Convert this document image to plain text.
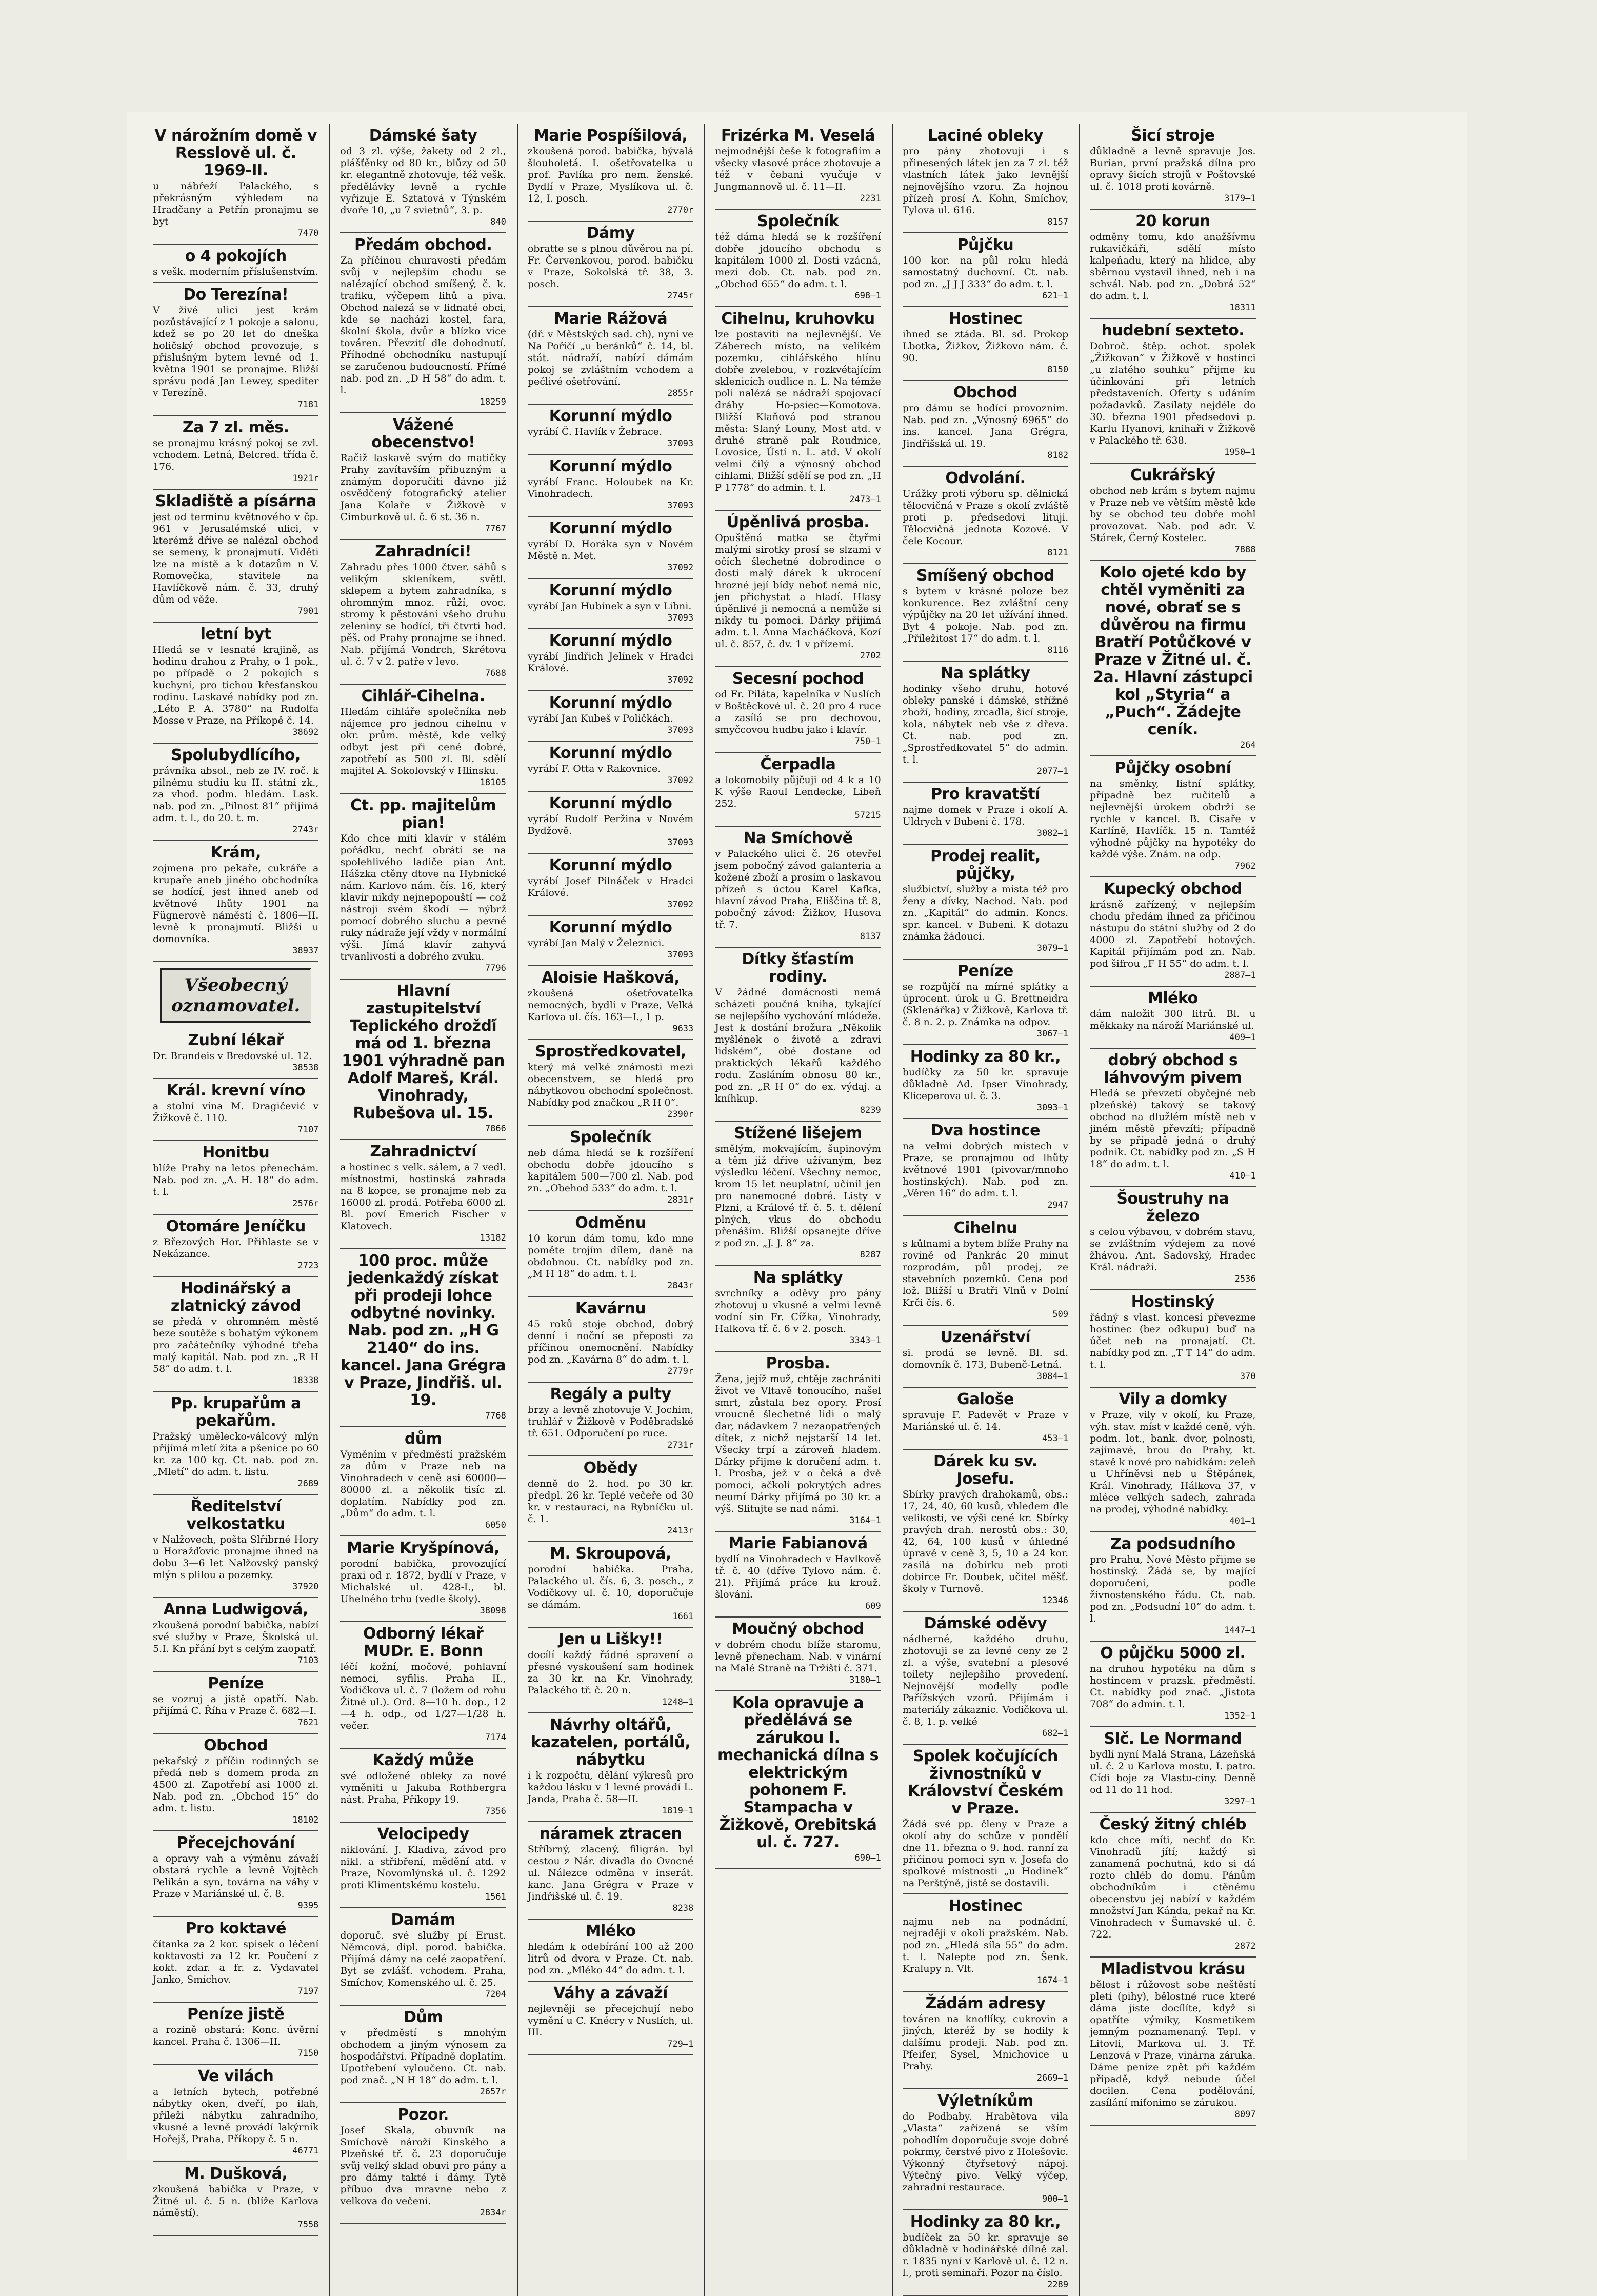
V nárožním domě v Resslově ul. č. 1969-II.

u nábřeží Palackého, s překrásným výhledem na Hradčany a Petřín pronajmu se byt

7470

o 4 pokojích

s vešk. moderním příslušenstvím.

Do Terezína!

V živé ulici jest krám pozůstávající z 1 pokoje a salonu, kdež se po 20 let do dneška holičský obchod provozuje, s příslušným bytem levně od 1. května 1901 se pronajme. Bližší správu podá Jan Lewey, spediter v Terezíně.

7181

Za 7 zl. měs.

se pronajmu krásný pokoj se zvl. vchodem. Letná, Belcred. třída č. 176.

1921r

Skladiště a písárna

jest od terminu květnového v čp. 961 v Jerusalémské ulici, v kterémž dříve se nalézal obchod se semeny, k pronajmutí. Viděti lze na místě a k dotazům n V. Romovečka, stavitele na Havlíčkově nám. č. 33, druhý dům od věže.

7901

letní byt

Hledá se v lesnaté krajině, as hodinu drahou z Prahy, o 1 pok., po případě o 2 pokojích s kuchyní, pro tichou křesťanskou rodinu. Laskavé nabídky pod zn. „Léto P. A. 3780“ na Rudolfa Mosse v Praze, na Příkopě č. 14.

38692

Spolubydlícího,

právníka absol., neb ze IV. roč. k pilnému studiu ku II. státní zk., za vhod. podm. hledám. Lask. nab. pod zn. „Pilnost 81“ přijímá adm. t. l., do 20. t. m.

2743r

Krám,

zojmena pro pekaře, cukráře a krupaře aneb jiného obchodníka se hodící, jest ihned aneb od květnové lhůty 1901 na Fügnerově náměstí č. 1806—II. levně k pronajmutí. Bližší u domovníka.

38937

Všeobecný oznamovatel.
Zubní lékař

Dr. Brandeis v Bredovské ul. 12.

38538

Král. krevní víno

a stolní vína M. Dragičević v Žižkově č. 110.

7107

Honitbu

blíže Prahy na letos přenechám. Nab. pod zn. „A. H. 18“ do adm. t. l.

2576r

Otomáre Jeníčku

z Březových Hor. Přihlaste se v Nekázance.

2723

Hodinářský a zlatnický závod

se předá v ohromném městě beze soutěže s bohatým výkonem pro začátečníky výhodné třeba malý kapitál. Nab. pod zn. „R H 58“ do adm. t. l.

18338

Pp. krupařům a pekařům.

Pražský umělecko-válcový mlýn přijímá mletí žita a pšenice po 60 kr. za 100 kg. Ct. nab. pod zn. „Mletí“ do adm. t. listu.

2689

Ředitelství velkostatku

v Nalžovech, pošta Slřibrné Hory u Horažďovic pronajme ihned na dobu 3—6 let Nalžovský panský mlýn s plilou a pozemky.

37920

Anna Ludwigová,

zkoušená porodní babička, nabízí své služby v Praze, Školská ul. 5.I. Kn přání byt s celým zaopatř.

7103

Peníze

se vozruj a jistě opatří. Nab. přijímá C. Říha v Praze č. 682—I.

7621

Obchod

pekařský z příčin rodinných se předá neb s domem proda zn 4500 zl. Zapotřebí asi 1000 zl. Nab. pod zn. „Obchod 15“ do adm. t. listu.

18102

Přecejchování

a opravy vah a výměnu závaží obstará rychle a levně Vojtěch Pelikán a syn, továrna na váhy v Praze v Mariánské ul. č. 8.

9395

Pro koktavé

čítanka za 2 kor. spisek o léčení koktavosti za 12 kr. Poučení z kokt. zdar. a fr. z. Vydavatel Janko, Smíchov.

7197

Peníze jistě

a rozině obstará: Konc. úvěrní kancel. Praha č. 1306—II.

7150

Ve vilách

a letních bytech, potřebné nábytky oken, dveří, po ilah, příleži nábytku zahradního, vkusné a levně provádí lakýrník Hořejš, Praha, Příkopy č. 5 n.

46771

M. Dušková,

zkoušená babička v Praze, v Žitné ul. č. 5 n. (blíže Karlova náměstí).

7558

Dámské šaty

od 3 zl. výše, žakety od 2 zl., plášťěnky od 80 kr., blůzy od 50 kr. elegantně zhotovuje, též vešk. předělávky levně a rychle vyřizuje E. Sztatová v Týnském dvoře 10, „u 7 svietnů“, 3. p.

840

Předám obchod.

Za příčinou churavosti předám svůj v nejlepším chodu se nalézající obchod smíšený, č. k. trafiku, výčepem lihů a piva. Obchod nalezá se v lidnaté obci, kde se nachází kostel, fara, školní škola, dvůr a blízko více továren. Převzití dle dohodnutí. Příhodné obchodníku nastupují se zaručenou budoucností. Přímé nab. pod zn. „D H 58“ do adm. t. l.

18259

Vážené obecenstvo!

Račiž laskavě svým do matičky Prahy zavítavším přibuzným a známým doporučiti dávno již osvědčený fotografický atelier Jana Kolaře v Žižkově v Cimburkově ul. č. 6 st. 36 n.

7767

Zahradníci!

Zahradu přes 1000 čtver. sáhů s velikým skleníkem, světl. sklepem a bytem zahradníka, s ohromným mnoz. růží, ovoc. stromy k pěstování všeho druhu zeleniny se hodící, tři čtvrti hod. pěš. od Prahy pronajme se ihned. Nab. přijímá Vondrch, Skrétova ul. č. 7 v 2. patře v levo.

7688

Cihlář-Cihelna.

Hledám cihláře společníka neb nájemce pro jednou cihelnu v okr. prům. městě, kde velký odbyt jest při cené dobré, zapotřebí as 500 zl. Bl. sdělí majitel A. Sokolovský v Hlinsku.

18105

Ct. pp. majitelům pian!

Kdo chce míti klavír v stálém pořádku, nechť obrátí se na spolehlivého ladiče pian Ant. Hášzka ctěny dtove na Hybnické nám. Karlovo nám. čís. 16, který klavír nikdy nejnepopouští — což nástroji svém škodí — nýbrž pomocí dobrého sluchu a pevné ruky nádraže její vždy v normální výši. Jímá klavír zahyvá trvanlivostí a dobrého zvuku.

7796

Hlavní zastupitelství Teplického drožďí má od 1. března 1901 výhradně pan Adolf Mareš, Král. Vinohrady, Rubešova ul. 15.

7866

Zahradnictví

a hostinec s velk. sálem, a 7 vedl. místnostmi, hostinská zahrada na 8 kopce, se pronajme neb za 16000 zl. prodá. Potřeba 6000 zl. Bl. poví Emerich Fischer v Klatovech.

13182

100 proc. může jedenkaždý získat při prodeji lohce odbytné novinky. Nab. pod zn. „H G 2140“ do ins. kancel. Jana Grégra v Praze, Jindřiš. ul. 19.

7768

dům

Vyměním v předměstí pražském za dům v Praze neb na Vinohradech v ceně asi 60000—80000 zl. a několik tisíc zl. doplatím. Nabídky pod zn. „Dům“ do adm. t. l.

6050

Marie Kryšpínová,

porodní babička, provozující praxi od r. 1872, bydlí v Praze, v Michalské ul. 428-I., bl. Uhelného trhu (vedle školy).

38098

Odborný lékař MUDr. E. Bonn

léčí kožní, močové, pohlavní nemoci, syfilis. Praha II., Vodičkova ul. č. 7 (ložem od rohu Žitné ul.). Ord. 8—10 h. dop., 12—4 h. odp., od 1/27—1/28 h. večer.

7174

Každý může

své odložené obleky za nové vyměniti u Jakuba Rothbergra nást. Praha, Příkopy 19.

7356

Velocipedy

niklování. J. Kladiva, závod pro nikl. a střibření, mědění atd. v Praze, Novomlýnská ul. č. 1292 proti Klimentskému kostelu.

1561

Damám

doporuč. své služby pí Erust. Němcová, dipl. porod. babička. Přijímá dámy na celé zaopatření. Byt se zvlášť. vchodem. Praha, Smíchov, Komenského ul. č. 25.

7204

Dům

v předměstí s mnohým obchodem a jiným výnosem za hospodářství. Případně doplatím. Upotřebení vyloučeno. Ct. nab. pod znač. „N H 18“ do adm. t. l.

2657r

Pozor.

Josef Skala, obuvník na Smíchově nároží Kinského a Plzeňské tř. č. 23 doporučuje svůj velký sklad obuvi pro pány a pro dámy takté i dámy. Tytě příbuo dva mravne nebo z velkova do večeni.

2834r

Marie Pospíšilová,

zkoušená porod. babička, bývalá šlouholetá. I. ošetřovatelka u prof. Pavlíka pro nem. ženské. Bydlí v Praze, Myslíkova ul. č. 12, I. posch.

2770r

Dámy

obratte se s plnou důvěrou na pí. Fr. Červenkovou, porod. babičku v Praze, Sokolská tř. 38, 3. posch.

2745r

Marie Rážová

(dř. v Městských sad. ch), nyní ve Na Poříčí „u beránků“ č. 14, bl. stát. nádraží, nabízí dámám pokoj se zvláštním vchodem a pečlivé ošetřování.

2855r

Korunní mýdlo

vyrábí Č. Havlík v Žebrace.

37093

Korunní mýdlo

vyrábí Franc. Holoubek na Kr. Vinohradech.

37093

Korunní mýdlo

vyrábí D. Horáka syn v Novém Městě n. Met.

37092

Korunní mýdlo

vyrábí Jan Hubínek a syn v Libni.

37093

Korunní mýdlo

vyrábí Jindřich Jelínek v Hradci Králové.

37092

Korunní mýdlo

vyrábí Jan Kubeš v Poličkách.

37093

Korunní mýdlo

vyrábí F. Otta v Rakovnice.

37092

Korunní mýdlo

vyrábí Rudolf Peržina v Novém Bydžově.

37093

Korunní mýdlo

vyrábí Josef Pilnáček v Hradci Králové.

37092

Korunní mýdlo

vyrábí Jan Malý v Železnici.

37093

Aloisie Hašková,

zkoušená ošetřovatelka nemocných, bydlí v Praze, Velká Karlova ul. čís. 163—I., 1 p.

9633

Sprostředkovatel,

který má velké známosti mezi obecenstvem, se hledá pro nábytkovou obchodní společnost. Nabídky pod značkou „R H 0“.

2390r

Společník

neb dáma hledá se k rozšíření obchodu dobře jdoucího s kapitálem 500—700 zl. Nab. pod zn. „Obehod 533“ do adm. t. l.

2831r

Odměnu

10 korun dám tomu, kdo mne poměte trojím dílem, daně na obdobnou. Ct. nabídky pod zn. „M H 18“ do adm. t. l.

2843r

Kavárnu

45 roků stoje obchod, dobrý denní i noční se přeposti za příčinou onemocnění. Nabídky pod zn. „Kavárna 8“ do adm. t. l.

2779r

Regály a pulty

brzy a levně zhotovuje V. Jochim, truhlář v Žižkově v Poděbradské tř. 651. Odporučení po ruce.

2731r

Obědy

denně do 2. hod. po 30 kr. předpl. 26 kr. Teplé večeře od 30 kr. v restauraci, na Rybníčku ul. č. 1.

2413r

M. Skroupová,

porodní babička. Praha, Palackého ul. čís. 6, 3. posch., z Vodičkovy ul. č. 10, doporučuje se dámám.

1661

Jen u Lišky!!

docílí každý řádné spravení a přesné vyskoušení sam hodinek za 30 kr. na Kr. Vinohrady, Palackého tř. č. 20 n.

1248—1

Návrhy oltářů, kazatelen, portálů, nábytku

i k rozpočtu, dělání výkresů pro každou lásku v 1 levné provádí L. Janda, Praha č. 58—II.

1819—1

náramek ztracen

Stříbrný, zlacený, filigrán. byl cestou z Nár. divadla do Ovocné ul. Nálezce odměna v inserát. kanc. Jana Grégra v Praze v Jindřišské ul. č. 19.

8238

Mléko

hledám k odebírání 100 až 200 litrů od dvora v Praze. Ct. nab. pod zn. „Mléko 44“ do adm. t. l.

Váhy a závaží

nejlevněji se přecejchují nebo vymění u C. Knécry v Nuslích, ul. III.

729—1

Frizérka M. Veselá

nejmodnější češe k fotografiím a všecky vlasové práce zhotovuje a též v čebani vyučuje v Jungmannově ul. č. 11—II.

2231

Společník

též dáma hledá se k rozšíření dobře jdoucího obchodu s kapitálem 1000 zl. Dosti vzácná, mezi dob. Ct. nab. pod zn. „Obchod 655“ do adm. t. l.

698—1

Cihelnu, kruhovku

lze postaviti na nejlevnější. Ve Záberech místo, na velikém pozemku, cihlářského hlínu dobře zvelebou, v rozkvétajícím sklenicích oudlice n. L. Na témže poli nalézá se nádraží spojovací dráhy Ho-psiec—Komotova. Bližší Klaňová pod stranou města: Slaný Louny, Most atd. v druhé straně pak Roudnice, Lovosice, Ústí n. L. atd. V okolí velmi čilý a výnosný obchod cihlami. Bližší sdělí se pod zn. „H P 1778“ do admin. t. l.

2473—1

Úpěnlivá prosba.

Opuštěná matka se čtyřmi malými sirotky prosí se slzami v očích šlechetné dobrodince o dosti malý dárek k ukrocení hrozné její bídy neboť nemá nic, jen přichystat a hladí. Hlasy úpěnlivé ji nemocná a nemůže si nikdy tu pomoci. Dárky přijímá adm. t. l. Anna Macháčková, Kozí ul. č. 857, č. dv. 1 v přízemí.

2702

Secesní pochod

od Fr. Piláta, kapelníka v Nuslích v Boštěckové ul. č. 20 pro 4 ruce a zasílá se pro dechovou, smyčcovou hudbu jako i klavír.

750—1

Čerpadla

a lokomobily půjčuji od 4 k a 10 K výše Raoul Lendecke, Libeň 252.

57215

Na Smíchově

v Palackého ulici č. 26 otevřel jsem pobočný závod galanteria a kožené zboží a prosím o laskavou přízeň s úctou Karel Kafka, hlavní závod Praha, Eliščina tř. 8, pobočný závod: Žižkov, Husova tř. 7.

8137

Dítky šťastím rodiny.

V žádné domácnosti nemá scházeti poučná kniha, tykající se nejlepšího vychování mládeže. Jest k dostání brožura „Několik myšlének o životě a zdravi lidském“, obé dostane od praktických lékařů každého rodu. Zasláním obnosu 80 kr., pod zn. „R H 0“ do ex. výdaj. a kníhkup.

8239

Stížené lišejem

smělým, mokvajícím, šupinovým a těm již dříve užívaným, bez výsledku léčení. Všechny nemoc, krom 15 let neuplatní, učinil jen pro nanemocné dobré. Listy v Plzni, a Králové tř. č. 5. t. dělení plných, vkus do obchodu přenáším. Bližší opsanejte dříve z pod zn. „J. J. 8“ za.

8287

Na splátky

svrchníky a oděvy pro pány zhotovuj u vkusně a velmi levně vodní sin Fr. Cížka, Vinohrady, Halkova tř. č. 6 v 2. posch.

3343—1

Prosba.

Žena, jejíž muž, chtěje zachrániti život ve Vltavě tonoucího, našel smrt, zůstala bez opory. Prosí vroucně šlechetné lidi o malý dar, nádavkem 7 nezaopatřených dítek, z nichž nejstarší 14 let. Všecky trpí a zároveň hladem. Dárky přijme k doručení adm. t. l. Prosba, jež v o čeká a dvě pomoci, ačkoli pokrytých adres neumí Dárky přijímá po 30 kr. a výš. Slitujte se nad námi.

3164—1

Marie Fabianová

bydlí na Vinohradech v Havlkově tř. č. 40 (dříve Tylovo nám. č. 21). Přijímá práce ku krouž. šlování.

609

Moučný obchod

v dobrém chodu blíže staromu, levně přenecham. Nab. v vinární na Malé Straně na Tržišti č. 371.

3180—1

Kola opravuje a předělává se zárukou I. mechanická dílna s elektrickým pohonem F. Stampacha v Žižkově, Orebitská ul. č. 727.

690—1

Laciné obleky

pro pány zhotovuji i s přinesených látek jen za 7 zl. též vlastních látek jako levnější nejnovějšího vzoru. Za hojnou přízeň prosí A. Kohn, Smíchov, Tylova ul. 616.

8157

Půjčku

100 kor. na půl roku hledá samostatný duchovní. Ct. nab. pod zn. „J J J 333“ do adm. t. l.

621—1

Hostinec

ihned se ztáda. Bl. sd. Prokop Lbotka, Žižkov, Žižkovo nám. č. 90.

8150

Obchod

pro dámu se hodící provozním. Nab. pod zn. „Výnosný 6965“ do ins. kancel. Jana Grégra, Jindřišská ul. 19.

8182

Odvolání.

Urážky proti výboru sp. dělnická tělocvičná v Praze s okolí zvláště proti p. předsedovi lituji. Tělocvičná jednota Kozové. V čele Kocour.

8121

Smíšený obchod

s bytem v krásné poloze bez konkurence. Bez zvláštní ceny výpůjčky na 20 let užívání ihned. Byt 4 pokoje. Nab. pod zn. „Příležitost 17“ do adm. t. l.

8116

Na splátky

hodinky všeho druhu, hotové obleky panské i dámské, střížné zboží, hodiny, zrcadla, šicí stroje, kola, nábytek neb vše z dřeva. Ct. nab. pod zn. „Sprostředkovatel 5“ do admin. t. l.

2077—1

Pro kravatští

najme domek v Praze i okolí A. Uldrych v Bubeni č. 178.

3082—1

Prodej realit, půjčky,

službictví, služby a místa též pro ženy a dívky, Nachod. Nab. pod zn. „Kapitál“ do admin. Koncs. spr. kancel. v Bubeni. K dotazu známka žádoucí.

3079—1

Peníze

se rozpůjčí na mírné splátky a úprocent. úrok u G. Brettneidra (Sklenářka) v Žižkově, Karlova tř. č. 8 n. 2. p. Známka na odpov.

3067—1

Hodinky za 80 kr.,

budíčky za 50 kr. spravuje důkladně Ad. Ipser Vinohrady, Kliceperova ul. č. 3.

3093—1

Dva hostince

na velmi dobrých místech v Praze, se pronajmou od lhůty květnové 1901 (pivovar/mnoho hostinských). Nab. pod zn. „Věren 16“ do adm. t. l.

2947

Cihelnu

s kůlnami a bytem blíže Prahy na rovině od Pankrác 20 minut rozprodám, půl prodej, ze stavebních pozemků. Cena pod lož. Bližší u Bratři Vlnů v Dolní Krči čís. 6.

509

Uzenářství

si. prodá se levně. Bl. sd. domovník č. 173, Bubenč-Letná.

3084—1

Galoše

spravuje F. Padevět v Praze v Mariánské ul. č. 14.

453—1

Dárek ku sv. Josefu.

Sbírky pravých drahokamů, obs.: 17, 24, 40, 60 kusů, vhledem dle velikosti, ve výši cené kr. Sbírky pravých drah. nerostů obs.: 30, 42, 64, 100 kusů v úhledné úpravě v ceně 3, 5, 10 a 24 kor. zasílá na dobírku neb proti dobirce Fr. Doubek, učitel měšť. školy v Turnově.

12346

Dámské oděvy

nádherné, každého druhu, zhotovuji se za levné ceny ze 2 zl. a výše, svatební a plesové toilety nejlepšího provedení. Nejnovější modelly podle Pařížských vzorů. Přijímám i materiály zákaznic. Vodičkova ul. č. 8, 1. p. velké

682—1

Spolek kočujících živnostníků v Království Českém v Praze.

Žádá své pp. členy v Praze a okolí aby do schůze v pondělí dne 11. března o 9. hod. ranní za přičinou pomoci syn v. Josefa do spolkové místnosti „u Hodinek“ na Perštýně, jistě se dostavili.

Hostinec

najmu neb na podnádní, nejraději v okolí pražském. Nab. pod zn. „Hledá síla 55“ do adm. t. l. Nalepte pod zn. Šenk. Kralupy n. Vlt.

1674—1

Žádám adresy

továren na knoflíky, cukrovin a jiných, kteréž by se hodily k dalšímu prodeji. Nab. pod zn. Pfeifer, Sysel, Mnichovice u Prahy.

2669—1

Výletníkům

do Podbaby. Hrabětova vila „Vlasta“ zařízená se vším pohodlím doporučuje svoje dobré pokrmy, čerstvé pivo z Holešovic. Výkonný čtyřsetový nápoj. Výtečný pivo. Velký výčep, zahradní restaurace.

900—1

Hodinky za 80 kr.,

budíček za 50 kr. spravuje se důkladně v hodinářské dílně zal. r. 1835 nyní v Karlově ul. č. 12 n. l., proti seminaři. Pozor na číslo.

2289

Šicí stroje

důkladně a levně spravuje Jos. Burian, první pražská dílna pro opravy šicích strojů v Poštovské ul. č. 1018 proti kovárně.

3179—1

20 korun

odměny tomu, kdo anažšívmu rukavičkáři, sdělí místo kalpeňadu, který na hlídce, aby sběrnou vystavil ihned, neb i na schvál. Nab. pod zn. „Dobrá 52“ do adm. t. l.

18311

hudební sexteto.

Dobroč. štěp. ochot. spolek „Žižkovan“ v Žižkově v hostinci „u zlatého souhku“ přijme ku účinkování při letních představeních. Oferty s udáním požadavků. Zasilaty nejdéle do 30. března 1901 předsedovi p. Karlu Hyanovi, knihaři v Žižkově v Palackého tř. 638.

1950—1

Cukrářský

obchod neb krám s bytem najmu v Praze neb ve větším městě kde by se obchod teu dobře mohl provozovat. Nab. pod adr. V. Stárek, Černý Kostelec.

7888

Kolo ojeté kdo by chtěl vyměniti za nové, obrať se s důvěrou na firmu Bratří Potůčkové v Praze v Žitné ul. č. 2a. Hlavní zástupci kol „Styria“ a „Puch“. Žádejte ceník.

264

Půjčky osobní

na směnky, listní splátky, případně bez ručitelů a nejlevnější úrokem obdrží se rychle v kancel. B. Cisaře v Karlíně, Havlíčk. 15 n. Tamtéž výhodné půjčky na hypotéky do každé výše. Znám. na odp.

7962

Kupecký obchod

krásně zařízený, v nejlepším chodu předám ihned za příčinou nástupu do státní služby od 2 do 4000 zl. Zapotřebí hotových. Kapitál přijímám pod zn. Nab. pod šifrou „F H 55“ do adm. t. l.

2887—1

Mléko

dám naložit 300 litrů. Bl. u měkkaky na nároží Mariánské ul.

409—1

dobrý obchod s láhvovým pivem

Hledá se převzetí obyčejné neb plzeňské) takový se takový obchod na dlužlém místě neb v jiném městě převzíti; případně by se případě jedná o druhý podnik. Ct. nabídky pod zn. „S H 18“ do adm. t. l.

410—1

Šoustruhy na železo

s celou výbavou, v dobrém stavu, se zvláštním výdejem za nové žhávou. Ant. Sadovský, Hradec Král. nádraží.

2536

Hostinský

řádný s vlast. koncesí převezme hostinec (bez odkupu) buď na účet neb na pronajatí. Ct. nabídky pod zn. „T T 14“ do adm. t. l.

370

Vily a domky

v Praze, vily v okolí, ku Praze, výh. stav. míst v každé ceně, výh. podm. lot., bank. dvor, polnosti, zajímavé, brou do Prahy, kt. stavě k nové pro nabídkám: zeleň u Uhříněvsi neb u Štěpánek, Král. Vinohrady, Hálkova 37, v mléce velkých sadech, zahrada na prodej, výhodné nabídky.

401—1

Za podsudního

pro Prahu, Nové Město přijme se hostinský. Žádá se, by mající doporučení, podle živnostenského řádu. Ct. nab. pod zn. „Podsudní 10“ do adm. t. l.

1447—1

O půjčku 5000 zl.

na druhou hypotéku na dům s hostincem v prazsk. předměstí. Ct. nabídky pod znač. „Jistota 708“ do admin. t. l.

1352—1

Slč. Le Normand

bydlí nyní Malá Strana, Lázeňská ul. č. 2 u Karlova mostu, I. patro. Cídi boje za Vlastu-ciny. Denně od 11 do 11 hod.

3297—1

Český žitný chléb

kdo chce míti, nechť do Kr. Vinohradů jítí; každý si zanamená pochutná, kdo si dá rozto chléb do domu. Pánům obchodníkům i ctěnému obecenstvu jej nabízí v každém množství Jan Kánda, pekař na Kr. Vinohradech v Šumavské ul. č. 722.

2872

Mladistvou krásu

bělost i růžovost sobe neštěstí pleti (pihy), bělostné ruce které dáma jiste docílíte, když si opatříte výmiky, Kosmetikem jemným poznamenaný. Tepl. v Litovli, Markova ul. 3. Tř. Lenzová v Praze, vinárna záruka. Dáme peníze zpět při každém připadě, když nebude účel docilen. Cena podělování, zasílání miťonimo se zárukou.

8097
